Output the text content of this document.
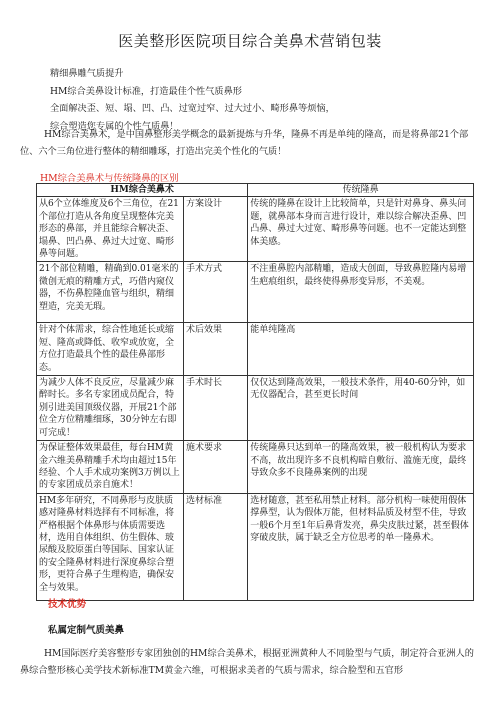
医美整形医院项目综合美鼻术营销包装
精细鼻雕气质提升
HM综合美鼻设计标准，打造最佳个性气质鼻形
全面解决歪、短、塌、凹、凸、过宽过窄、过大过小、畸形鼻等烦恼，
综合塑造您专属的个性气质鼻！

HM综合美鼻术，是中国鼻整形美学概念的最新提炼与升华，隆鼻不再是单纯的隆高，而是将鼻部21个部位、六个三角位进行整体的精细雕琢，打造出完美个性化的气质！

HM综合美鼻术与传统隆鼻的区别
HM综合美鼻术		传统隆鼻
从6个立体维度及6个三角位，在21个部位打造从各角度呈现整体完美形态的鼻部，并且能综合解决歪、塌鼻、凹凸鼻、鼻过大过宽、畸形鼻等问题。	方案设计	传统的隆鼻在设计上比较简单，只是针对鼻身、鼻头问题，就鼻部本身而言进行设计，难以综合解决歪鼻、凹凸鼻、鼻过大过宽、畸形鼻等问题。也不一定能达到整体美感。
21个部位精雕，精确到0.01毫米的微创无痕的精雕方式，巧借内窥仪器，不伤鼻腔隆血管与组织，精细塑造，完美无瑕。	手术方式	不注重鼻腔内部精雕，造成大创面，导致鼻腔隆内易增生疤痕组织，最终使得鼻形变异形，不美观。
针对个体需求，综合性地延长或缩短、隆高或降低、收窄或放宽，全方位打造最具个性的最佳鼻部形态。	术后效果	能单纯隆高
为减少人体不良反应，尽量减少麻醉时长。多名专家团成员配合，特别引进美国顶级仪器，开展21个部位全方位精雕细琢，30分钟左右即可完成！	手术时长	仅仅达到隆高效果，一般技术条件，用40-60分钟，如无仪器配合，甚至更长时间
为保证整体效果最佳，每台HM黄金六维美鼻精雕手术均由超过15年经验、个人手术成功案例3万例以上的专家团成员亲自施术！	施术要求	传统隆鼻只达到单一的隆高效果，被一般机构认为要求不高，故出现许多不良机构暗自敷衍、滥施无度，最终导致众多不良隆鼻案例的出现
HM多年研究，不同鼻形与皮肤质感对隆鼻材料选择有不同标准，将严格根据个体鼻形与体质需要选材，选用自体组织、仿生假体、玻尿酸及胶原蛋白等国际、国家认证的安全隆鼻材料进行深度鼻综合塑形，更符合鼻子生理构造，确保安全与效果。	选材标准	选材随意，甚至私用禁止材料。部分机构一味使用假体撑鼻型，认为假体万能，但材料品质及材型不佳，导致一般6个月至1年后鼻背发亮，鼻尖皮肤过紧，甚至假体穿破皮肤，属于缺乏全方位思考的单一隆鼻术。
技术优势
私属定制气质美鼻

HM国际医疗美容整形专家团独创的HM综合美鼻术，根据亚洲黄种人不同脸型与气质，制定符合亚洲人的鼻综合整形核心美学技术新标准TM黄金六维，可根据求美者的气质与需求，综合脸型和五官形
